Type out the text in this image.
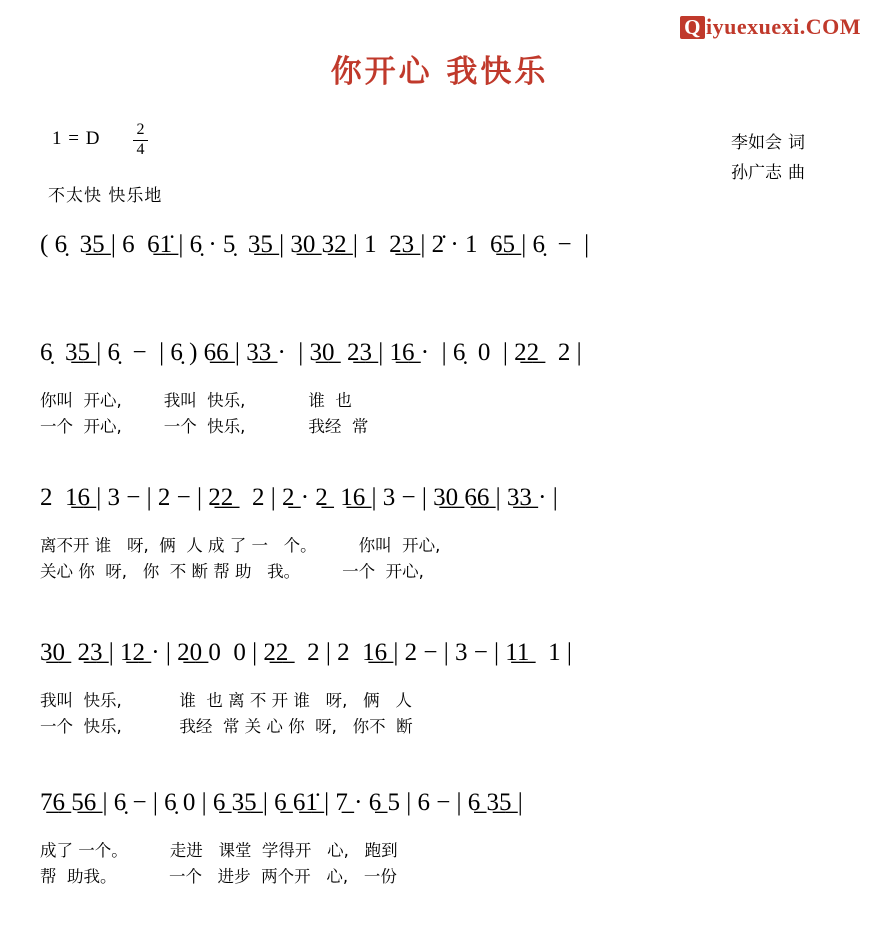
Q iyuexuexi.COM
你开心 我快乐
1 = D 2
4
不太快 快乐地
李如会 词
孙广志 曲
( 6̣  3̲5̲ | 6  6̲1̲̇ | 6̣ · 5̣  3̲5̲ | 3̲0̲ 3̲2̲ | 1  2̲3̲ | 2̇ · 1  6̲5̲ | 6̣  −  |
6̣  3̲5̲ | 6̣  −  | 6̣ ) 6̲6̲ | 3̲3̲ ·  | 3̲0̲  2̲3̲ | 1̲6̲ ·  | 6̣  0  | 2̲2̲   2 |
你叫  开心,        我叫  快乐,            谁  也
一个  开心,        一个  快乐,            我经  常
2  1̲6̲ | 3 − | 2 − | 2̲2̲   2 | 2̲ · 2̲  1̲6̲ | 3 − | 3̲0̲ 6̲6̲ | 3̲3̲ · |
离不开 谁   呀,  俩  人 成 了 一   个。        你叫  开心,
关心 你  呀,   你  不 断 帮 助   我。        一个  开心,
3̲0̲  2̲3̲ | 1̲2̲ · | 2̲0̲ 0  0 | 2̲2̲   2 | 2  1̲6̲ | 2 − | 3 − | 1̲1̲   1 |
我叫  快乐,           谁  也 离 不 开 谁   呀,   俩   人
一个  快乐,           我经  常 关 心 你  呀,   你不  断
7̲6̲ 5̲6̲ | 6̣ − | 6̣ 0 | 6̲ 3̲5̲ | 6̲ 6̲1̲̇ | 7̲ · 6̲ 5 | 6 − | 6̲ 3̲5̲ |
成了 一个。        走进   课堂  学得开   心,   跑到
帮  助我。          一个   进步  两个开   心,   一份
